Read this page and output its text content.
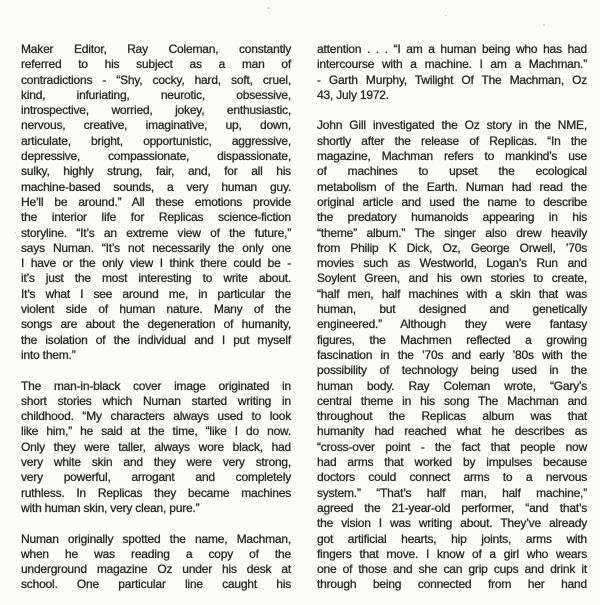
Maker Editor, Ray Coleman, constantly
referred to his subject as a man of
contradictions - “Shy, cocky, hard, soft, cruel,
kind, infuriating, neurotic, obsessive,
introspective, worried, jokey, enthusiastic,
nervous, creative, imaginative, up, down,
articulate, bright, opportunistic, aggressive,
depressive, compassionate, dispassionate,
sulky, highly strung, fair, and, for all his
machine-based sounds, a very human guy.
He’ll be around.” All these emotions provide
the interior life for Replicas science-fiction
storyline. “It’s an extreme view of the future,”
says Numan. “It’s not necessarily the only one
I have or the only view I think there could be -
it’s just the most interesting to write about.
It’s what I see around me, in particular the
violent side of human nature. Many of the
songs are about the degeneration of humanity,
the isolation of the individual and I put myself
into them.”
The man-in-black cover image originated in
short stories which Numan started writing in
childhood. “My characters always used to look
like him,” he said at the time, “like I do now.
Only they were taller, always wore black, had
very white skin and they were very strong,
very powerful, arrogant and completely
ruthless. In Replicas they became machines
with human skin, very clean, pure.”
Numan originally spotted the name, Machman,
when he was reading a copy of the
underground magazine Oz under his desk at
school. One particular line caught his
attention . . . “I am a human being who has had
intercourse with a machine. I am a Machman.”
- Garth Murphy, Twilight Of The Machman, Oz
43, July 1972.
John Gill investigated the Oz story in the NME,
shortly after the release of Replicas. “In the
magazine, Machman refers to mankind’s use
of machines to upset the ecological
metabolism of the Earth. Numan had read the
original article and used the name to describe
the predatory humanoids appearing in his
“theme” album.” The singer also drew heavily
from Philip K Dick, Oz, George Orwell, ’70s
movies such as Westworld, Logan’s Run and
Soylent Green, and his own stories to create,
“half men, half machines with a skin that was
human, but designed and genetically
engineered.” Although they were fantasy
figures, the Machmen reflected a growing
fascination in the ’70s and early ’80s with the
possibility of technology being used in the
human body. Ray Coleman wrote, “Gary’s
central theme in his song The Machman and
throughout the Replicas album was that
humanity had reached what he describes as
“cross-over point - the fact that people now
had arms that worked by impulses because
doctors could connect arms to a nervous
system.” “That’s half man, half machine,”
agreed the 21-year-old performer, “and that’s
the vision I was writing about. They’ve already
got artificial hearts, hip joints, arms with
fingers that move. I know of a girl who wears
one of those and she can grip cups and drink it
through being connected from her hand
